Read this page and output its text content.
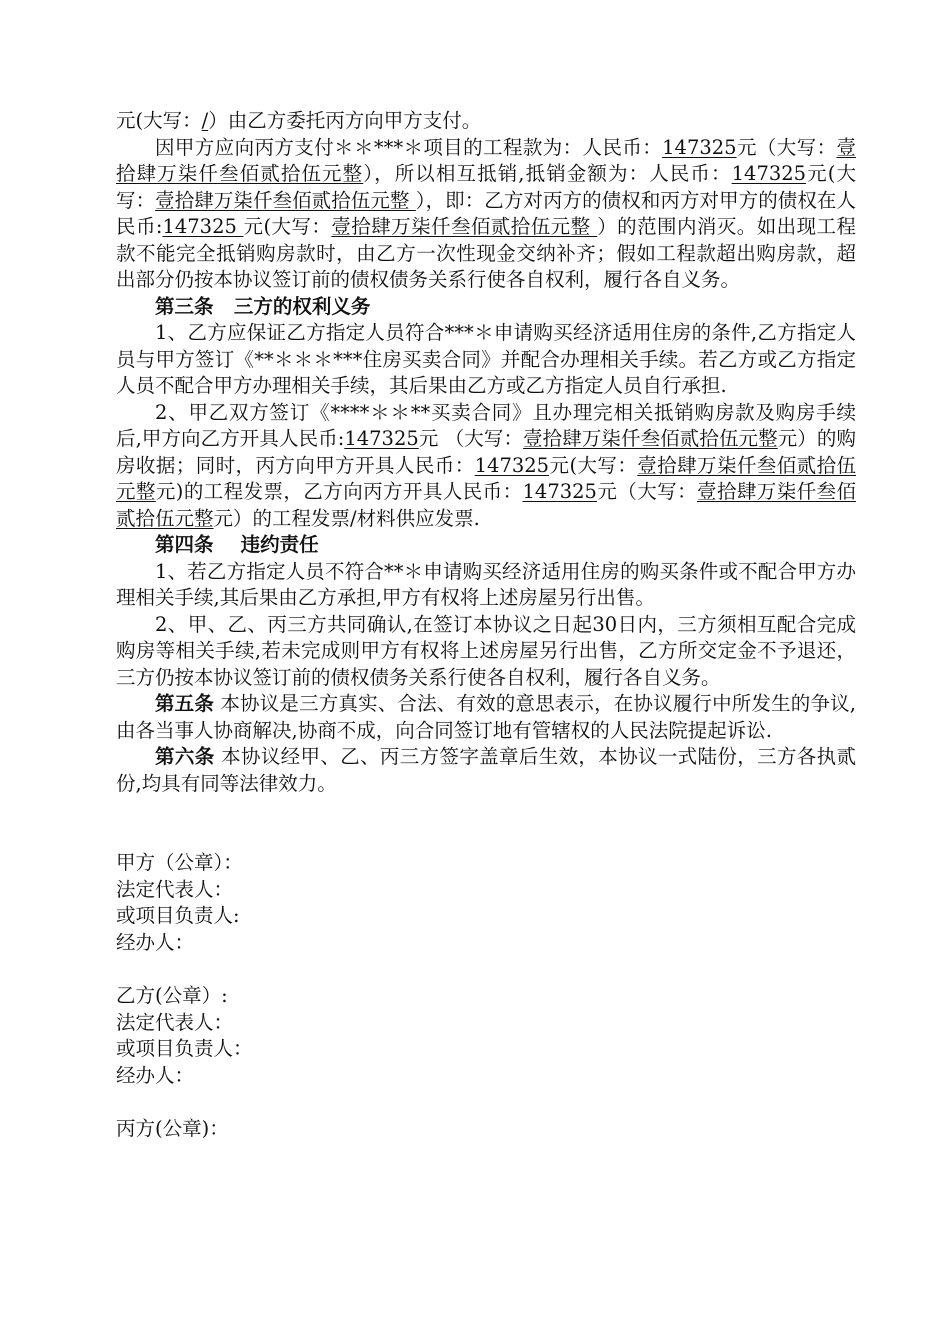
元(大写：/）由乙方委托丙方向甲方支付。

因甲方应向丙方支付＊＊***＊项目的工程款为：人民币：147325元（大写：壹拾肆万柒仟叁佰贰拾伍元整），所以相互抵销,抵销金额为：人民币：147325元(大写：壹拾肆万柒仟叁佰贰拾伍元整 ），即：乙方对丙方的债权和丙方对甲方的债权在人民币:147325 元(大写：壹拾肆万柒仟叁佰贰拾伍元整 ）的范围内消灭。如出现工程款不能完全抵销购房款时，由乙方一次性现金交纳补齐；假如工程款超出购房款，超出部分仍按本协议签订前的债权债务关系行使各自权利，履行各自义务。

第三条   三方的权利义务

1、乙方应保证乙方指定人员符合***＊申请购买经济适用住房的条件,乙方指定人员与甲方签订《**＊＊＊***住房买卖合同》并配合办理相关手续。若乙方或乙方指定人员不配合甲方办理相关手续，其后果由乙方或乙方指定人员自行承担.

2、甲乙双方签订《****＊＊**买卖合同》且办理完相关抵销购房款及购房手续后,甲方向乙方开具人民币:147325元 （大写：壹拾肆万柒仟叁佰贰拾伍元整元）的购房收据；同时，丙方向甲方开具人民币：147325元(大写：壹拾肆万柒仟叁佰贰拾伍元整元)的工程发票，乙方向丙方开具人民币：147325元（大写：壹拾肆万柒仟叁佰贰拾伍元整元）的工程发票/材料供应发票.

第四条    违约责任

1、若乙方指定人员不符合**＊申请购买经济适用住房的购买条件或不配合甲方办理相关手续,其后果由乙方承担,甲方有权将上述房屋另行出售。

2、甲、乙、丙三方共同确认,在签订本协议之日起30日内，三方须相互配合完成购房等相关手续,若未完成则甲方有权将上述房屋另行出售，乙方所交定金不予退还，三方仍按本协议签订前的债权债务关系行使各自权利，履行各自义务。

第五条 本协议是三方真实、合法、有效的意思表示，在协议履行中所发生的争议,由各当事人协商解决,协商不成，向合同签订地有管辖权的人民法院提起诉讼.

第六条 本协议经甲、乙、丙三方签字盖章后生效，本协议一式陆份，三方各执贰份,均具有同等法律效力。

甲方（公章）：

法定代表人：

或项目负责人:

经办人：

乙方(公章）:

法定代表人：

或项目负责人：

经办人：

丙方(公章)：
